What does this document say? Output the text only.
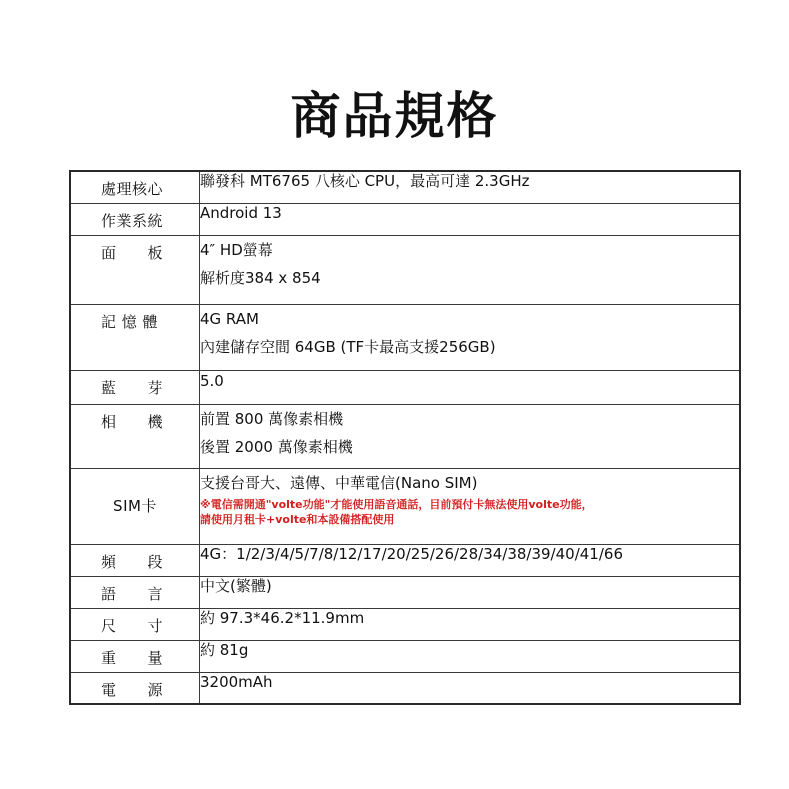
商品規格
處理核心	聯發科 MT6765 八核心 CPU，最高可達 2.3GHz

作業系統	Android 13

面　　板	4″ HD螢幕
解析度384 x 854

記 憶 體	4G RAM
內建儲存空間 64GB (TF卡最高支援256GB)

藍　　芽	5.0

相　　機	前置 800 萬像素相機
後置 2000 萬像素相機

SIM卡	支援台哥大、遠傳、中華電信(Nano SIM)
※電信需開通"volte功能"才能使用語音通話，目前預付卡無法使用volte功能，
請使用月租卡+volte和本設備搭配使用

頻　　段	4G：1/2/3/4/5/7/8/12/17/20/25/26/28/34/38/39/40/41/66

語　　言	中文(繁體)

尺　　寸	約 97.3*46.2*11.9mm

重　　量	約 81g

電　　源	3200mAh
